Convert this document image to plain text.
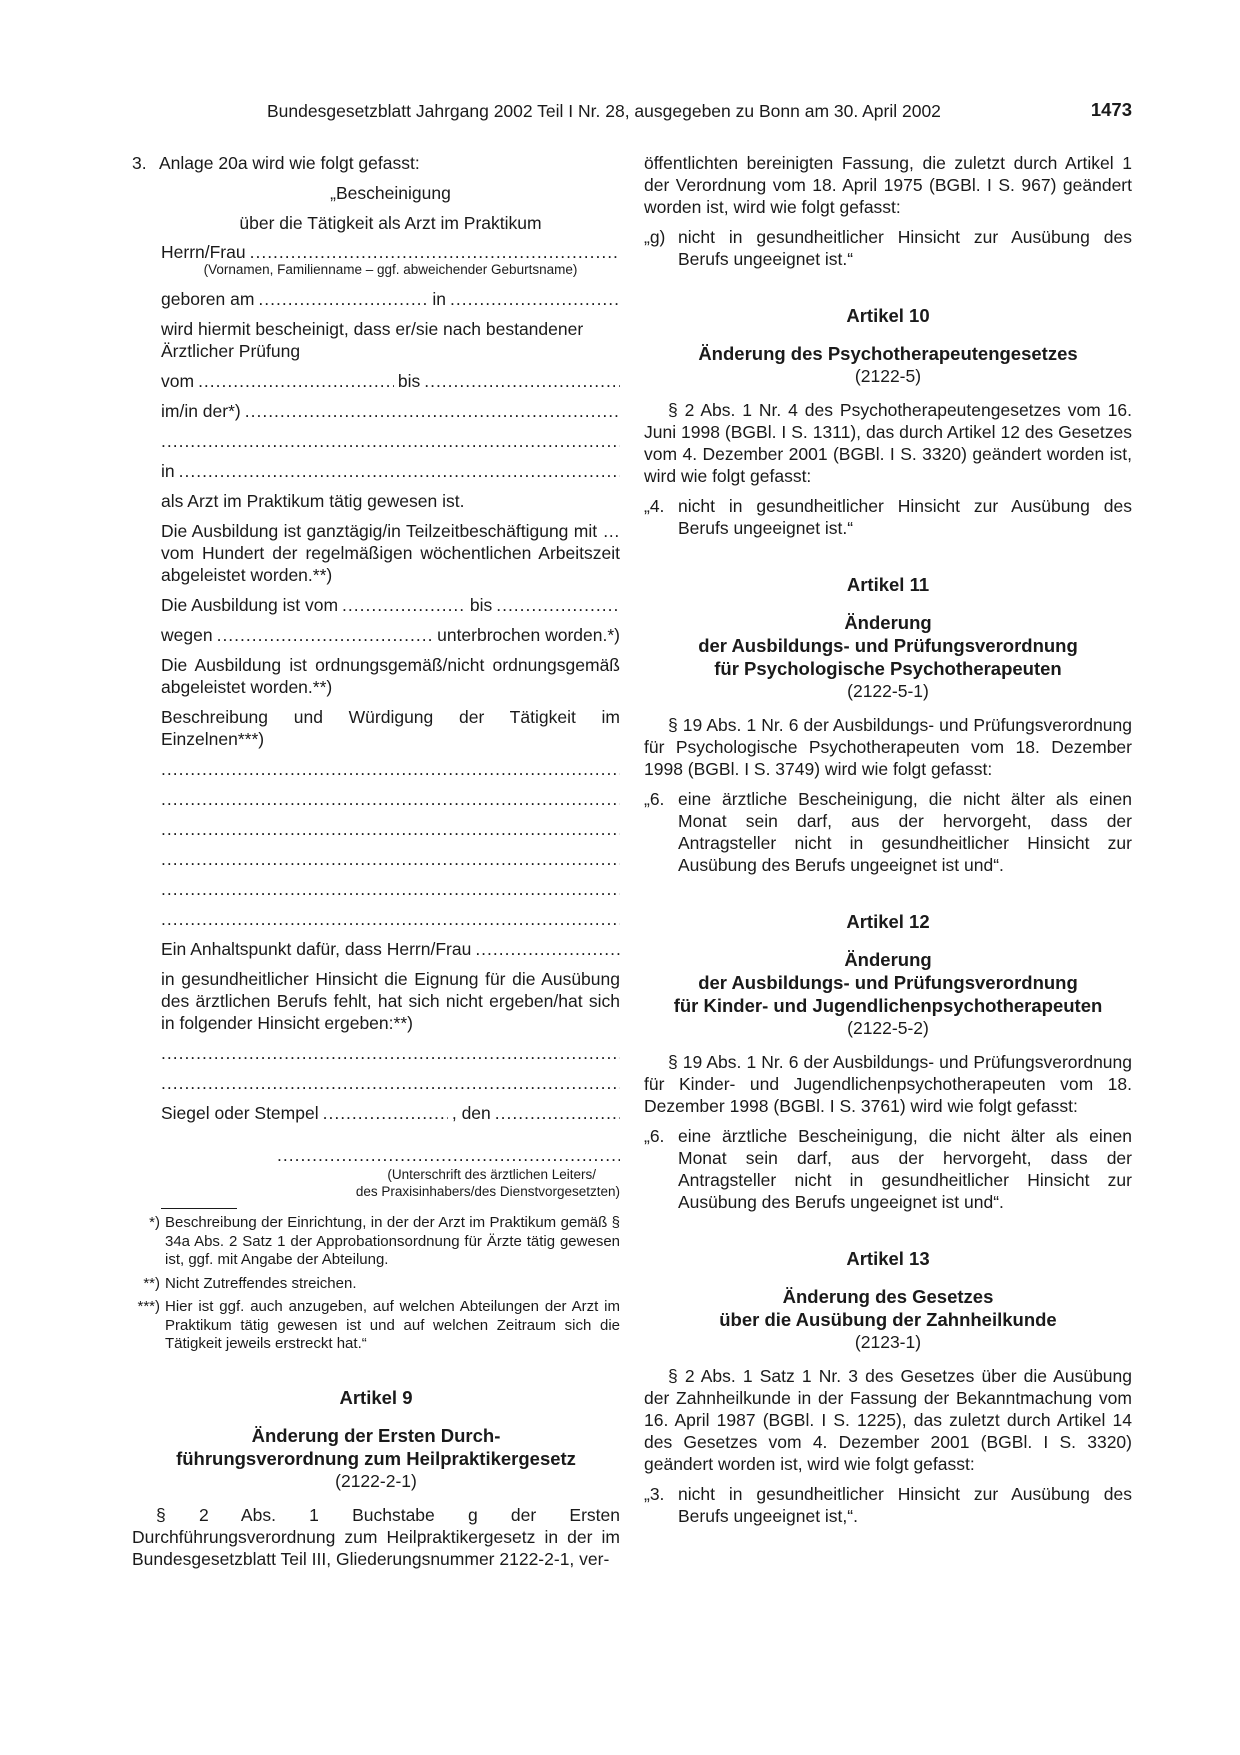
Bundesgesetzblatt Jahrgang 2002 Teil I Nr. 28, ausgegeben zu Bonn am 30. April 2002	1473
3. Anlage 20a wird wie folgt gefasst:

„Bescheinigung

über die Tätigkeit als Arzt im Praktikum

Herrn/Frau
.....

(Vornamen, Familienname – ggf. abweichender Geburtsname)

geboren am .....	in
.....

wird hiermit bescheinigt, dass er/sie nach bestandener Ärztlicher Prüfung

vom .....	bis
.....
im/in der*)
.....
.....
in
.....

als Arzt im Praktikum tätig gewesen ist.

Die Ausbildung ist ganztägig/in Teilzeitbeschäftigung mit … vom Hundert der regelmäßigen wöchentlichen Arbeitszeit abgeleistet worden.**)

Die Ausbildung ist vom .....	bis
.....
wegen .....	unterbrochen worden.*)

Die Ausbildung ist ordnungsgemäß/nicht ordnungsgemäß abgeleistet worden.**)

Beschreibung und Würdigung der Tätigkeit im Einzelnen***)

.....
.....
.....
.....
.....
.....
Ein Anhaltspunkt dafür, dass Herrn/Frau
.....

in gesundheitlicher Hinsicht die Eignung für die Ausübung des ärztlichen Berufs fehlt, hat sich nicht ergeben/hat sich in folgender Hinsicht ergeben:**)

.....
.....
Siegel oder Stempel .....	, den
.....
.....

(Unterschrift des ärztlichen Leiters/

des Praxisinhabers/des Dienstvorgesetzten)

*) Beschreibung der Einrichtung, in der der Arzt im Praktikum gemäß § 34a Abs. 2 Satz 1 der Approbationsordnung für Ärzte tätig gewesen ist, ggf. mit Angabe der Abteilung.
**) Nicht Zutreffendes streichen.
***) Hier ist ggf. auch anzugeben, auf welchen Abteilungen der Arzt im Praktikum tätig gewesen ist und auf welchen Zeitraum sich die Tätigkeit jeweils erstreckt hat.“

Artikel 9

Änderung der Ersten Durch-

führungsverordnung zum Heilpraktikergesetz

(2122-2-1)

§ 2 Abs. 1 Buchstabe g der Ersten Durchführungsverordnung zum Heilpraktikergesetz in der im Bundesgesetzblatt Teil III, Gliederungsnummer 2122-2-1, ver-

öffentlichten bereinigten Fassung, die zuletzt durch Artikel 1 der Verordnung vom 18. April 1975 (BGBl. I S. 967) geändert worden ist, wird wie folgt gefasst:

„g) nicht in gesundheitlicher Hinsicht zur Ausübung des Berufs ungeeignet ist.“

Artikel 10

Änderung des Psychotherapeutengesetzes

(2122-5)

§ 2 Abs. 1 Nr. 4 des Psychotherapeutengesetzes vom 16. Juni 1998 (BGBl. I S. 1311), das durch Artikel 12 des Gesetzes vom 4. Dezember 2001 (BGBl. I S. 3320) geändert worden ist, wird wie folgt gefasst:

„4. nicht in gesundheitlicher Hinsicht zur Ausübung des Berufs ungeeignet ist.“

Artikel 11

Änderung

der Ausbildungs- und Prüfungsverordnung

für Psychologische Psychotherapeuten

(2122-5-1)

§ 19 Abs. 1 Nr. 6 der Ausbildungs- und Prüfungsverordnung für Psychologische Psychotherapeuten vom 18. Dezember 1998 (BGBl. I S. 3749) wird wie folgt gefasst:

„6. eine ärztliche Bescheinigung, die nicht älter als einen Monat sein darf, aus der hervorgeht, dass der Antragsteller nicht in gesundheitlicher Hinsicht zur Ausübung des Berufs ungeeignet ist und“.

Artikel 12

Änderung

der Ausbildungs- und Prüfungsverordnung

für Kinder- und Jugendlichenpsychotherapeuten

(2122-5-2)

§ 19 Abs. 1 Nr. 6 der Ausbildungs- und Prüfungsverordnung für Kinder- und Jugendlichenpsychotherapeuten vom 18. Dezember 1998 (BGBl. I S. 3761) wird wie folgt gefasst:

„6. eine ärztliche Bescheinigung, die nicht älter als einen Monat sein darf, aus der hervorgeht, dass der Antragsteller nicht in gesundheitlicher Hinsicht zur Ausübung des Berufs ungeeignet ist und“.

Artikel 13

Änderung des Gesetzes

über die Ausübung der Zahnheilkunde

(2123-1)

§ 2 Abs. 1 Satz 1 Nr. 3 des Gesetzes über die Ausübung der Zahnheilkunde in der Fassung der Bekanntmachung vom 16. April 1987 (BGBl. I S. 1225), das zuletzt durch Artikel 14 des Gesetzes vom 4. Dezember 2001 (BGBl. I S. 3320) geändert worden ist, wird wie folgt gefasst:

„3. nicht in gesundheitlicher Hinsicht zur Ausübung des Berufs ungeeignet ist,“.
